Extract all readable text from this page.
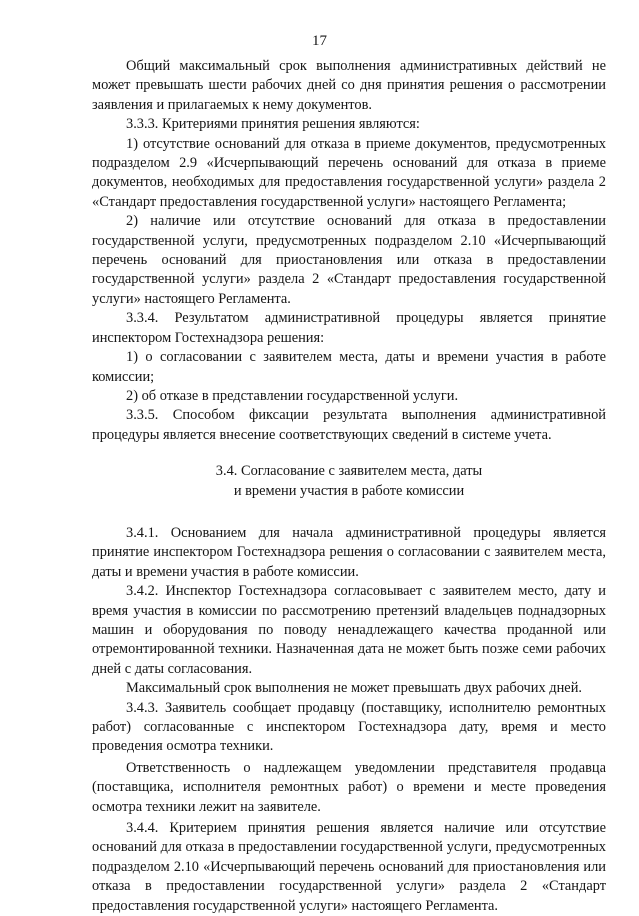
17

Общий максимальный срок выполнения административных действий не может превышать шести рабочих дней со дня принятия решения о рассмотрении заявления и прилагаемых к нему документов.

3.3.3. Критериями принятия решения являются:

1) отсутствие оснований для отказа в приеме документов, предусмотренных подразделом 2.9 «Исчерпывающий перечень оснований для отказа в приеме документов, необходимых для предоставления государственной услуги» раздела 2 «Стандарт предоставления государственной услуги» настоящего Регламента;

2) наличие или отсутствие оснований для отказа в предоставлении государственной услуги, предусмотренных подразделом 2.10 «Исчерпывающий перечень оснований для приостановления или отказа в предоставлении государственной услуги» раздела 2 «Стандарт предоставления государственной услуги» настоящего Регламента.

3.3.4. Результатом административной процедуры является принятие инспектором Гостехнадзора решения:

1) о согласовании с заявителем места, даты и времени участия в работе комиссии;

2) об отказе в представлении государственной услуги.

3.3.5. Способом фиксации результата выполнения административной процедуры является внесение соответствующих сведений в системе учета.

3.4. Согласование с заявителем места, даты
и времени участия в работе комиссии

3.4.1. Основанием для начала административной процедуры является принятие инспектором Гостехнадзора решения о согласовании с заявителем места, даты и времени участия в работе комиссии.

3.4.2. Инспектор Гостехнадзора согласовывает с заявителем место, дату и время участия в комиссии по рассмотрению претензий владельцев поднадзорных машин и оборудования по поводу ненадлежащего качества проданной или отремонтированной техники. Назначенная дата не может быть позже семи рабочих дней с даты согласования.

Максимальный срок выполнения не может превышать двух рабочих дней.

3.4.3. Заявитель сообщает продавцу (поставщику, исполнителю ремонтных работ) согласованные с инспектором Гостехнадзора дату, время и место проведения осмотра техники.

Ответственность о надлежащем уведомлении представителя продавца (поставщика, исполнителя ремонтных работ) о времени и месте проведения осмотра техники лежит на заявителе.

3.4.4. Критерием принятия решения является наличие или отсутствие оснований для отказа в предоставлении государственной услуги, предусмотренных подразделом 2.10 «Исчерпывающий перечень оснований для приостановления или отказа в предоставлении государственной услуги» раздела 2 «Стандарт предоставления государственной услуги» настоящего Регламента.
